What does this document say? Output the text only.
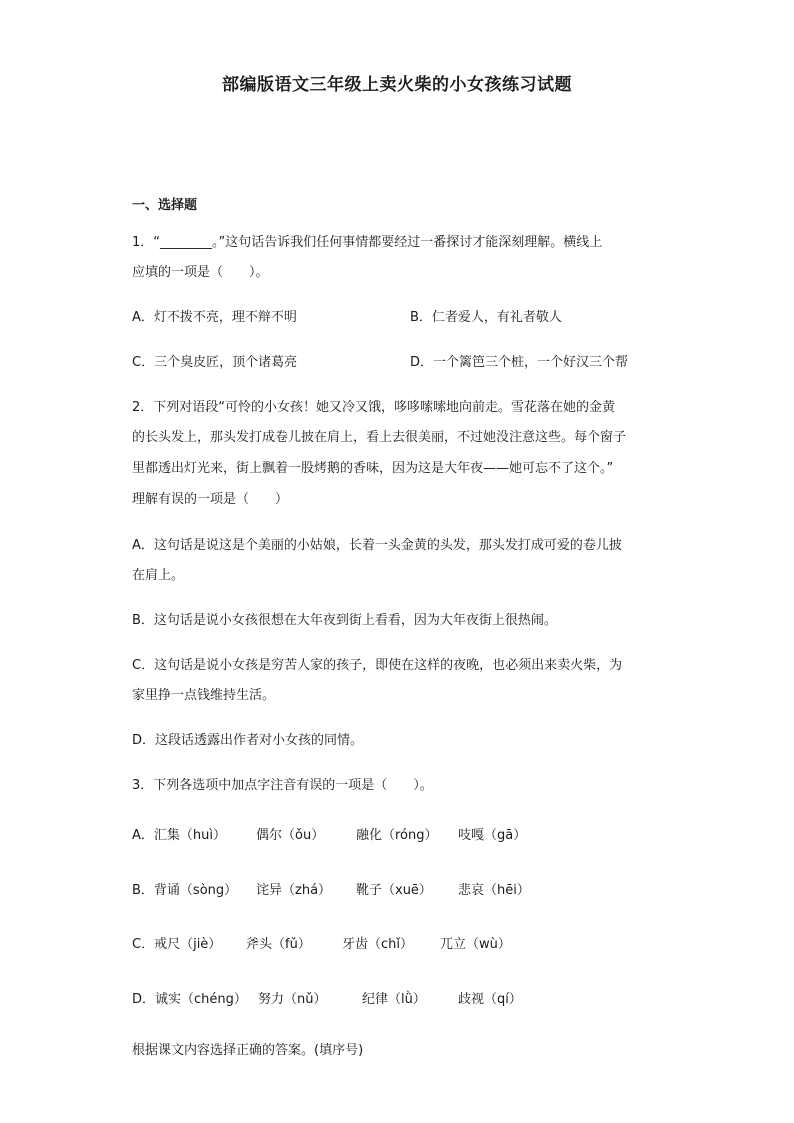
部编版语文三年级上卖火柴的小女孩练习试题
一、选择题
1．“________。”这句话告诉我们任何事情都要经过一番探讨才能深刻理解。横线上
应填的一项是（　　）。
A．灯不拨不亮，理不辩不明	B．仁者爱人，有礼者敬人
C．三个臭皮匠，顶个诸葛亮	D．一个篱笆三个桩，一个好汉三个帮
2．下列对语段“可怜的小女孩！她又冷又饿，哆哆嗦嗦地向前走。雪花落在她的金黄
的长头发上，那头发打成卷儿披在肩上，看上去很美丽，不过她没注意这些。每个窗子
里都透出灯光来，街上飘着一股烤鹅的香味，因为这是大年夜——她可忘不了这个。”
理解有误的一项是（　　）
A．这句话是说这是个美丽的小姑娘，长着一头金黄的头发，那头发打成可爱的卷儿披
在肩上。
B．这句话是说小女孩很想在大年夜到街上看看，因为大年夜街上很热闹。
C．这句话是说小女孩是穷苦人家的孩子，即使在这样的夜晚，也必须出来卖火柴，为
家里挣一点钱维持生活。
D．这段话透露出作者对小女孩的同情。
3．下列各选项中加点字注音有误的一项是（　　）。
A．汇集（huì） 偶尔（ǒu） 融化（róng） 吱嘎（gā）
B．背诵（sòng） 诧异（zhá） 靴子（xuē） 悲哀（hēi）
C．戒尺（jiè） 斧头（fǔ） 牙齿（chǐ） 兀立（wù）
D．诚实（chéng） 努力（nǔ）	纪律（lǜ） 歧视（qí）
根据课文内容选择正确的答案。(填序号)
